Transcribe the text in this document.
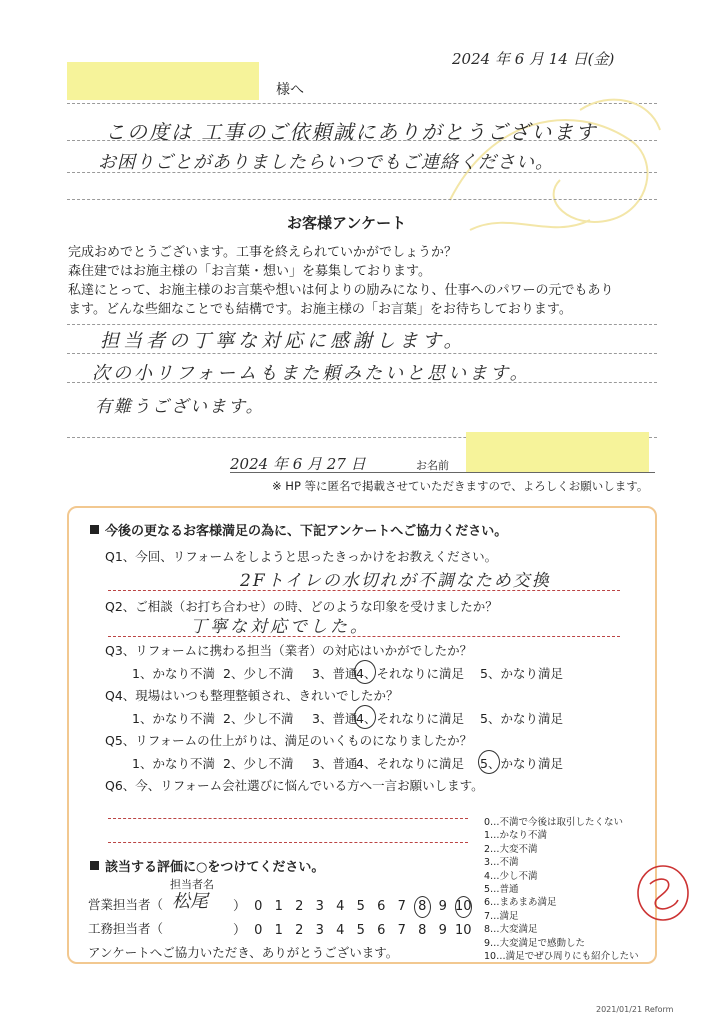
2024 年 6 月 14 日(金)
様へ
この度は 工事のご依頼誠にありがとうございます
お困りごとがありましたらいつでもご連絡ください。
お客様アンケート
完成おめでとうございます。工事を終えられていかがでしょうか？
森住建ではお施主様の「お言葉・想い」を募集しております。
私達にとって、お施主様のお言葉や想いは何よりの励みになり、仕事へのパワーの元でもあり
ます。どんな些細なことでも結構です。お施主様の「お言葉」をお待ちしております。
担当者の丁寧な対応に感謝します。
次の小リフォームもまた頼みたいと思います。
有難うございます。
2024 年 6 月 27 日	お名前
※ HP 等に匿名で掲載させていただきますので、よろしくお願いします。
今後の更なるお客様満足の為に、下記アンケートへご協力ください。
Q1、今回、リフォームをしようと思ったきっかけをお教えください。
2Fトイレの水切れが不調なため交換
Q2、ご相談（お打ち合わせ）の時、どのような印象を受けましたか？
丁寧な対応でした。
Q3、リフォームに携わる担当（業者）の対応はいかがでしたか？
1、かなり不満 2、少し不満 3、普通
4、それなりに満足 5、かなり満足
Q4、現場はいつも整理整頓され、きれいでしたか？
1、かなり不満 2、少し不満 3、普通
4、それなりに満足 5、かなり満足
Q5、リフォームの仕上がりは、満足のいくものになりましたか？
1、かなり不満 2、少し不満 3、普通
4、それなりに満足 5、かなり満足
Q6、今、リフォーム会社選びに悩んでいる方へ一言お願いします。
該当する評価に○をつけてください。
担当者名
営業担当者（ 松尾 ） 0 1 2 3 4 5 6 7 8 9 10
工務担当者（	） 0 1 2 3 4 5 6 7 8 9 10
アンケートへご協力いただき、ありがとうございます。
0…不満で今後は取引したくない
1…かなり不満
2…大変不満
3…不満
4…少し不満
5…普通
6…まあまあ満足
7…満足
8…大変満足
9…大変満足で感動した
10…満足でぜひ周りにも紹介したい
2021/01/21 Reform
